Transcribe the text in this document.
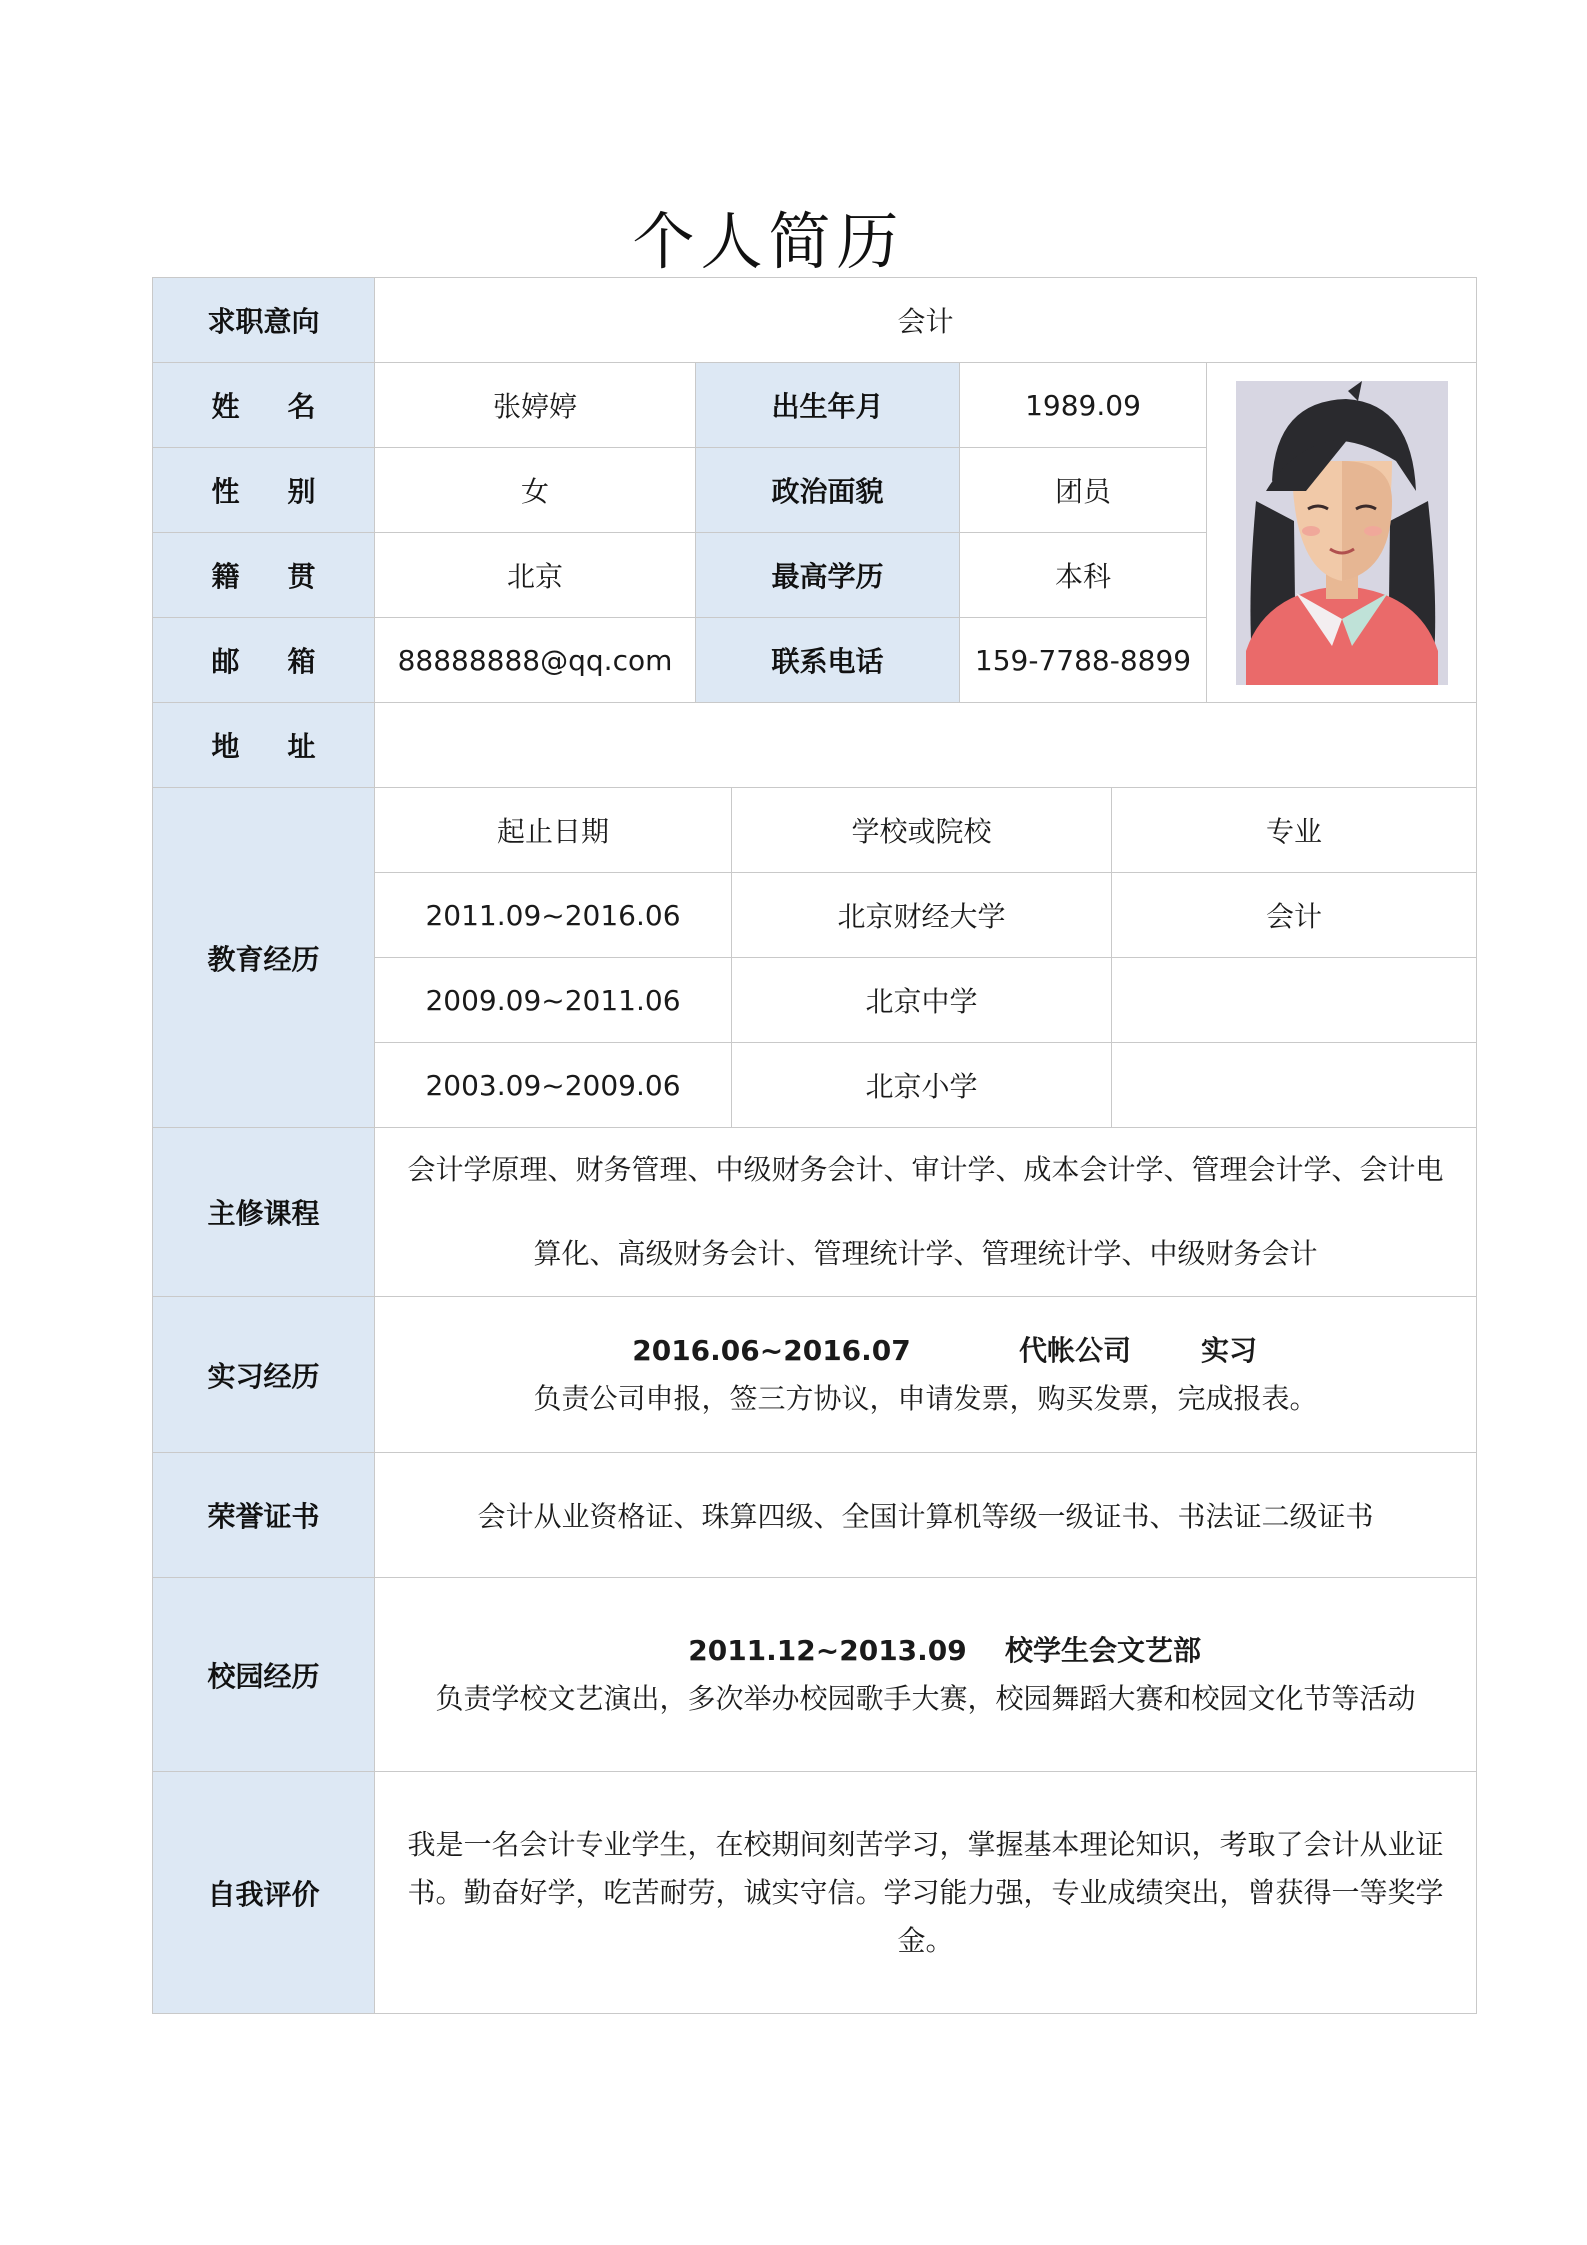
个人简历
求职意向	会计					
姓名	张婷婷	出生年月		1989.09	

性别	女	政治面貌		团员		
籍贯	北京	最高学历		本科		
邮箱	88888888@qq.com	联系电话		159-7788-8899		
地址						
教育经历	起止日期		学校或院校		专业	
	2011.09~2016.06		北京财经大学		会计	
	2009.09~2011.06		北京中学			
	2003.09~2009.06		北京小学			
主修课程	会计学原理、财务管理、中级财务会计、审计学、成本会计学、管理会计学、会计电
算化、高级财务会计、管理统计学、管理统计学、中级财务会计					

实习经历	2016.06~2016.07 代帐公司 实习
负责公司申报，签三方协议，申请发票，购买发票，完成报表。					

荣誉证书	会计从业资格证、珠算四级、全国计算机等级一级证书、书法证二级证书					
校园经历	2011.12~2013.09 校学生会文艺部
负责学校文艺演出，多次举办校园歌手大赛，校园舞蹈大赛和校园文化节等活动					

自我评价	我是一名会计专业学生，在校期间刻苦学习，掌握基本理论知识，考取了会计从业证
书。勤奋好学，吃苦耐劳，诚实守信。学习能力强，专业成绩突出，曾获得一等奖学
金。					
